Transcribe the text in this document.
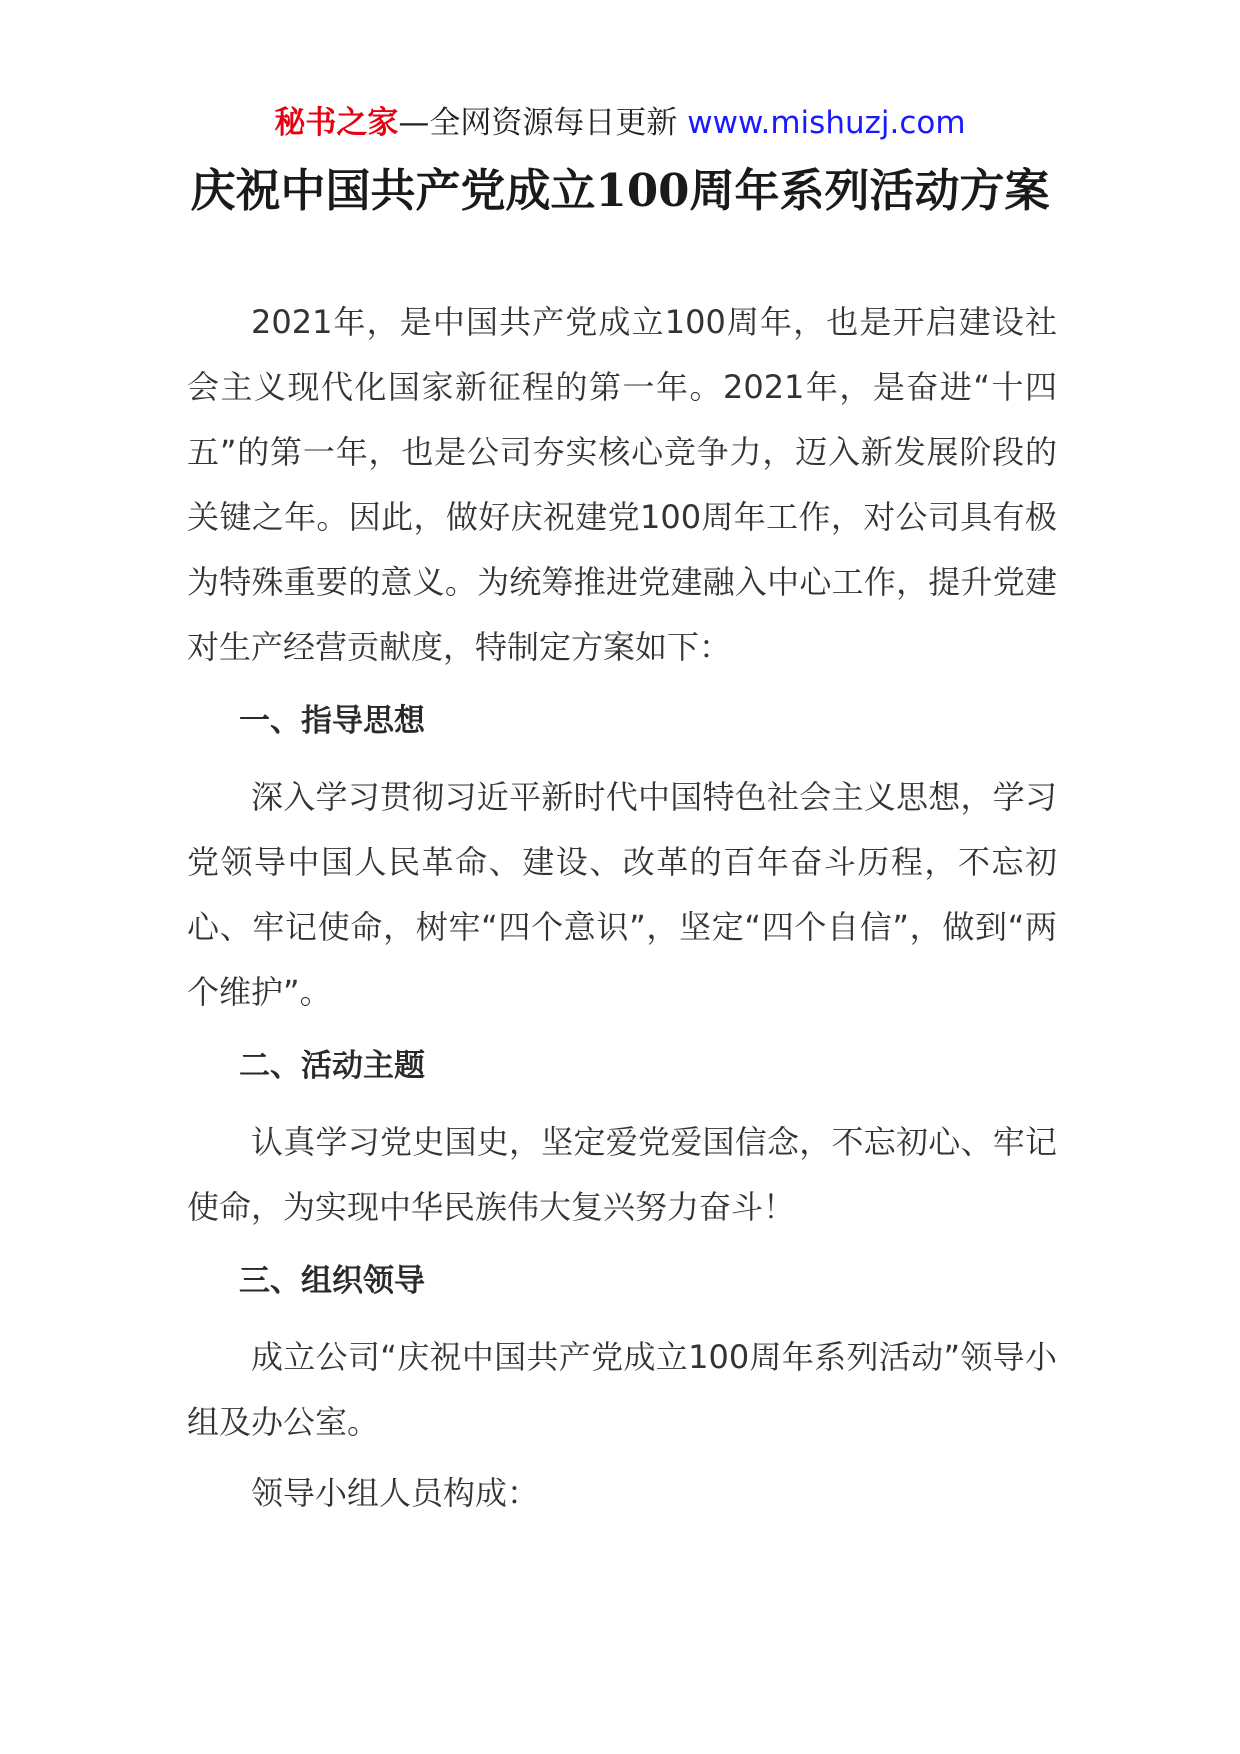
秘书之家—全网资源每日更新 www.mishuzj.com
庆祝中国共产党成立100周年系列活动方案

2021年，是中国共产党成立100周年，也是开启建设社会主义现代化国家新征程的第一年。2021年，是奋进“十四五”的第一年，也是公司夯实核心竞争力，迈入新发展阶段的关键之年。因此，做好庆祝建党100周年工作，对公司具有极为特殊重要的意义。为统筹推进党建融入中心工作，提升党建对生产经营贡献度，特制定方案如下：

一、指导思想

深入学习贯彻习近平新时代中国特色社会主义思想，学习党领导中国人民革命、建设、改革的百年奋斗历程，不忘初心、牢记使命，树牢“四个意识”，坚定“四个自信”，做到“两个维护”。

二、活动主题

认真学习党史国史，坚定爱党爱国信念，不忘初心、牢记使命，为实现中华民族伟大复兴努力奋斗！

三、组织领导

成立公司“庆祝中国共产党成立100周年系列活动”领导小组及办公室。

领导小组人员构成：
